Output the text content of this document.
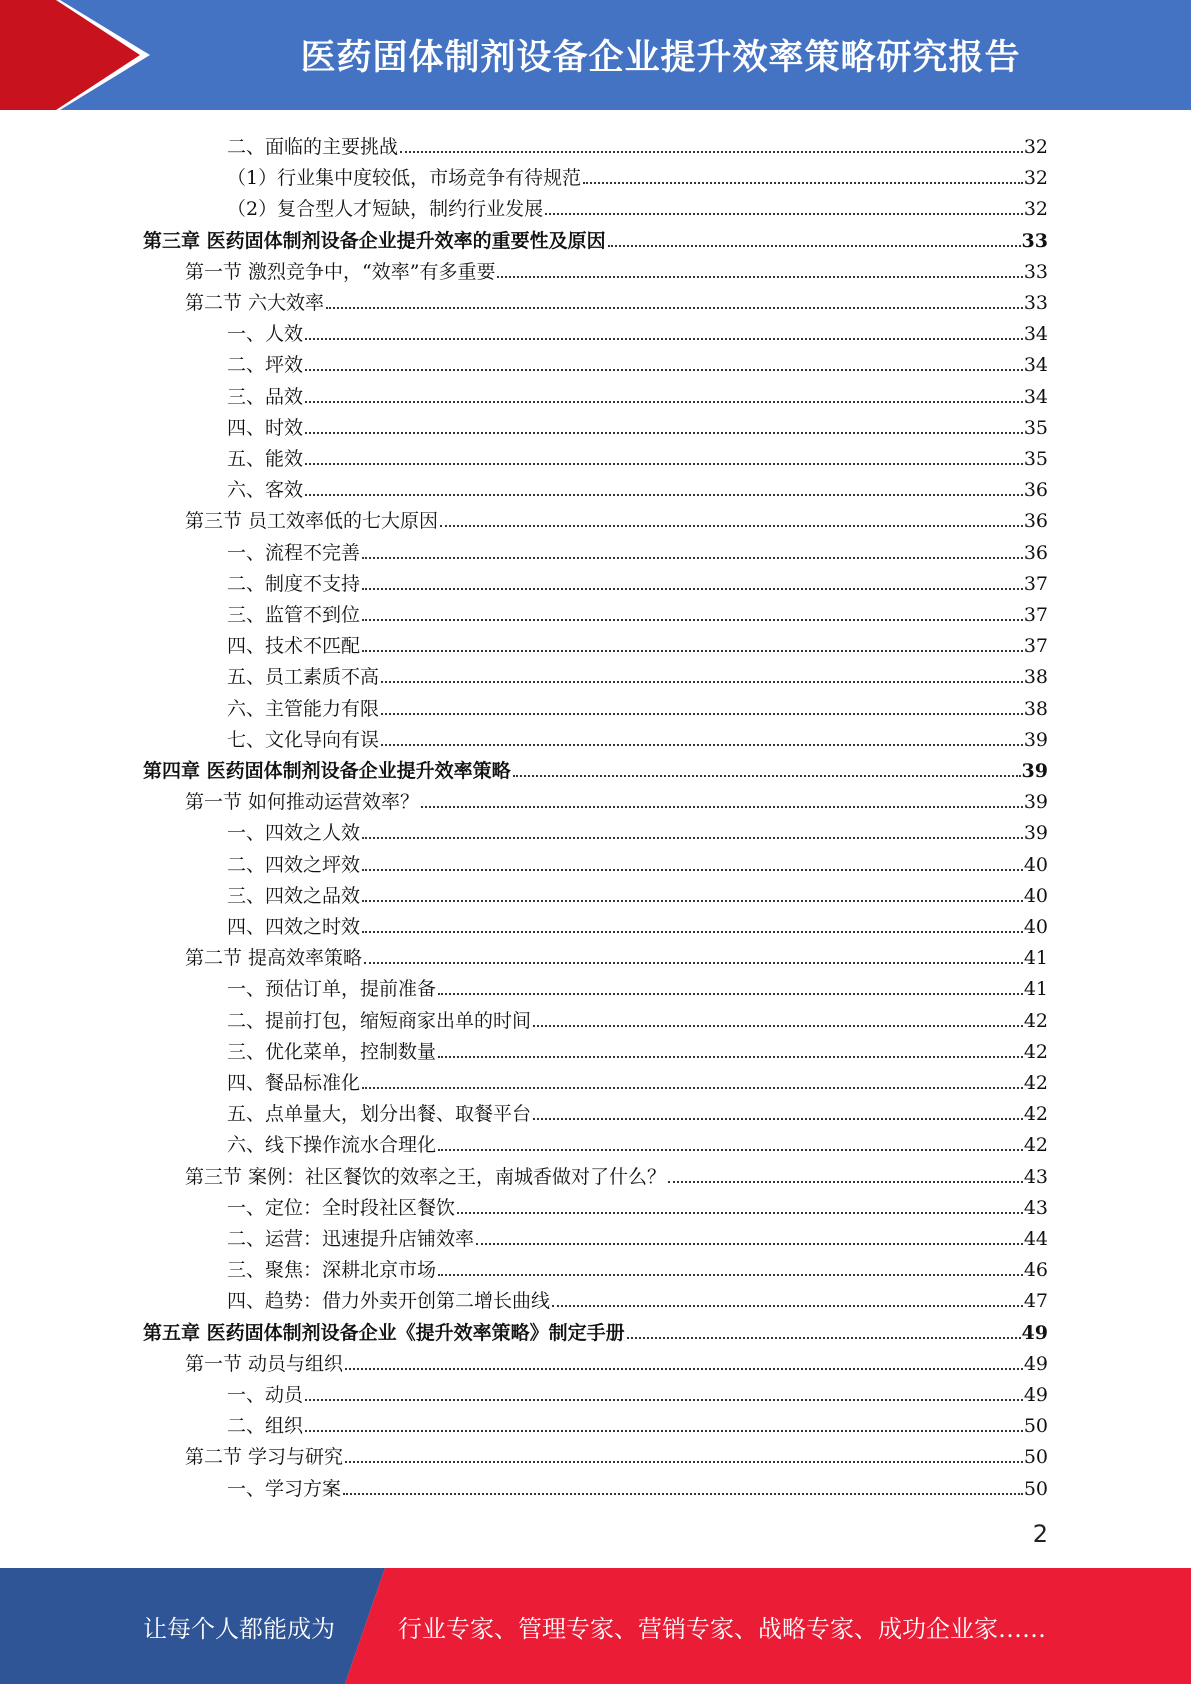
医药固体制剂设备企业提升效率策略研究报告
二、面临的主要挑战	32
（1）行业集中度较低，市场竞争有待规范	32
（2）复合型人才短缺，制约行业发展	32
第三章 医药固体制剂设备企业提升效率的重要性及原因	33
第一节 激烈竞争中，“效率”有多重要	33
第二节 六大效率	33
一、人效	34
二、坪效	34
三、品效	34
四、时效	35
五、能效	35
六、客效	36
第三节 员工效率低的七大原因	36
一、流程不完善	36
二、制度不支持	37
三、监管不到位	37
四、技术不匹配	37
五、员工素质不高	38
六、主管能力有限	38
七、文化导向有误	39
第四章 医药固体制剂设备企业提升效率策略	39
第一节 如何推动运营效率？	39
一、四效之人效	39
二、四效之坪效	40
三、四效之品效	40
四、四效之时效	40
第二节 提高效率策略	41
一、预估订单，提前准备	41
二、提前打包，缩短商家出单的时间	42
三、优化菜单，控制数量	42
四、餐品标准化	42
五、点单量大，划分出餐、取餐平台	42
六、线下操作流水合理化	42
第三节 案例：社区餐饮的效率之王，南城香做对了什么？	43
一、定位：全时段社区餐饮	43
二、运营：迅速提升店铺效率	44
三、聚焦：深耕北京市场	46
四、趋势：借力外卖开创第二增长曲线	47
第五章 医药固体制剂设备企业《提升效率策略》制定手册	49
第一节 动员与组织	49
一、动员	49
二、组织	50
第二节 学习与研究	50
一、学习方案	50
2
让每个人都能成为	行业专家、管理专家、营销专家、战略专家、成功企业家……
